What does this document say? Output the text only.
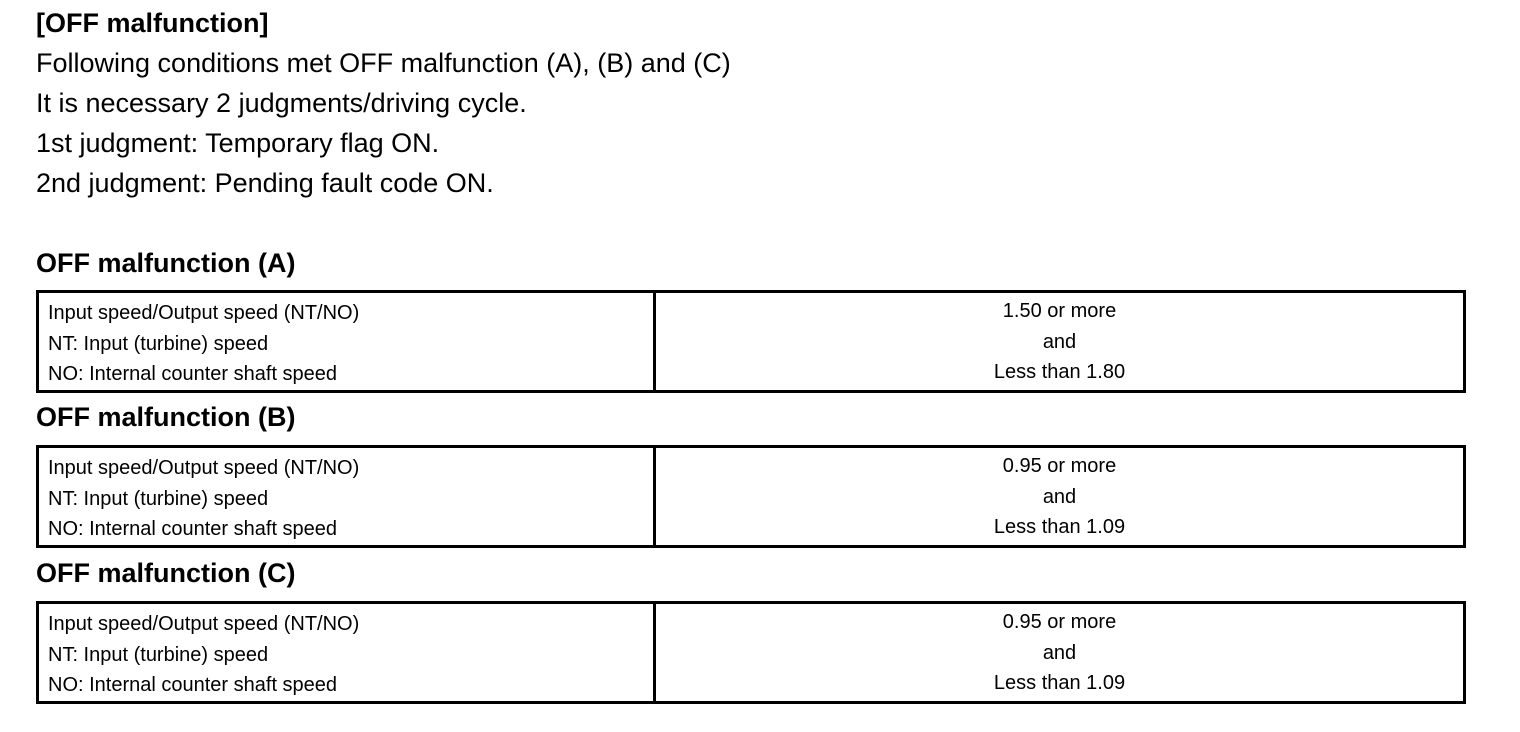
[OFF malfunction]
Following conditions met OFF malfunction (A), (B) and (C)
It is necessary 2 judgments/driving cycle.
1st judgment: Temporary flag ON.
2nd judgment: Pending fault code ON.
OFF malfunction (A)
Input speed/Output speed (NT/NO)
NT: Input (turbine) speed
NO: Internal counter shaft speed

1.50 or more
and
Less than 1.80
OFF malfunction (B)
Input speed/Output speed (NT/NO)
NT: Input (turbine) speed
NO: Internal counter shaft speed

0.95 or more
and
Less than 1.09
OFF malfunction (C)
Input speed/Output speed (NT/NO)
NT: Input (turbine) speed
NO: Internal counter shaft speed

0.95 or more
and
Less than 1.09
